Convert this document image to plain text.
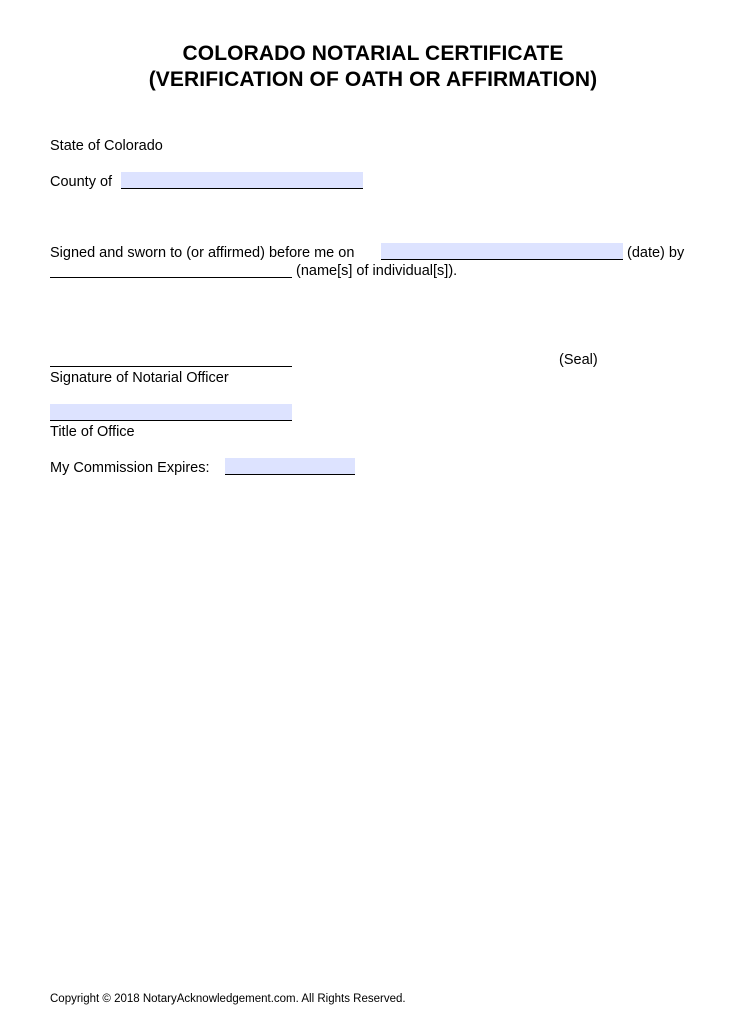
COLORADO NOTARIAL CERTIFICATE
(VERIFICATION OF OATH OR AFFIRMATION)
State of Colorado
County of
Signed and sworn to (or affirmed) before me on	(date) by
(name[s] of individual[s]).
(Seal)
Signature of Notarial Officer
Title of Office
My Commission Expires:
Copyright © 2018 NotaryAcknowledgement.com. All Rights Reserved.
